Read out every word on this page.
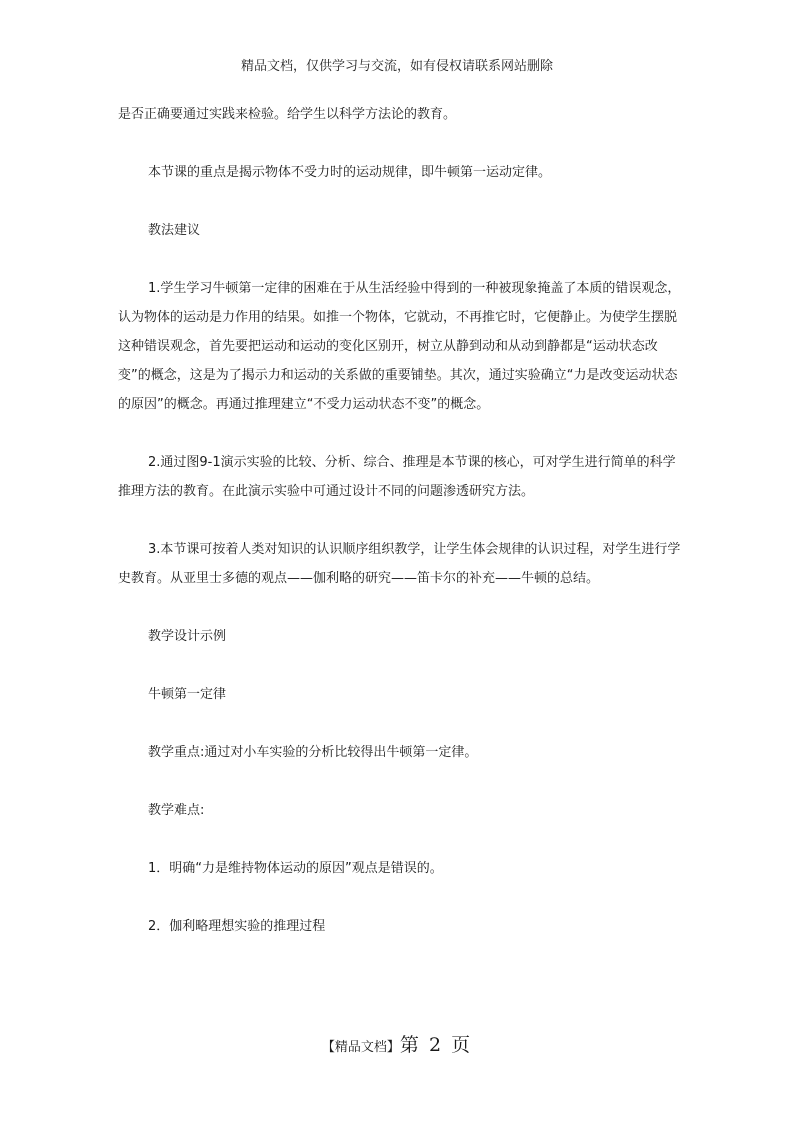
精品文档，仅供学习与交流，如有侵权请联系网站删除

是否正确要通过实践来检验。给学生以科学方法论的教育。

本节课的重点是揭示物体不受力时的运动规律，即牛顿第一运动定律。

教法建议

1.学生学习牛顿第一定律的困难在于从生活经验中得到的一种被现象掩盖了本质的错误观念，认为物体的运动是力作用的结果。如推一个物体，它就动，不再推它时，它便静止。为使学生摆脱这种错误观念，首先要把运动和运动的变化区别开，树立从静到动和从动到静都是“运动状态改变”的概念，这是为了揭示力和运动的关系做的重要铺垫。其次，通过实验确立“力是改变运动状态的原因”的概念。再通过推理建立“不受力运动状态不变”的概念。

2.通过图9-1演示实验的比较、分析、综合、推理是本节课的核心，可对学生进行简单的科学推理方法的教育。在此演示实验中可通过设计不同的问题渗透研究方法。

3.本节课可按着人类对知识的认识顺序组织教学，让学生体会规律的认识过程，对学生进行学史教育。从亚里士多德的观点——伽利略的研究——笛卡尔的补充——牛顿的总结。

教学设计示例

牛顿第一定律

教学重点:通过对小车实验的分析比较得出牛顿第一定律。

教学难点:

1．明确“力是维持物体运动的原因”观点是错误的。

2．伽利略理想实验的推理过程

【精品文档】第 2 页
